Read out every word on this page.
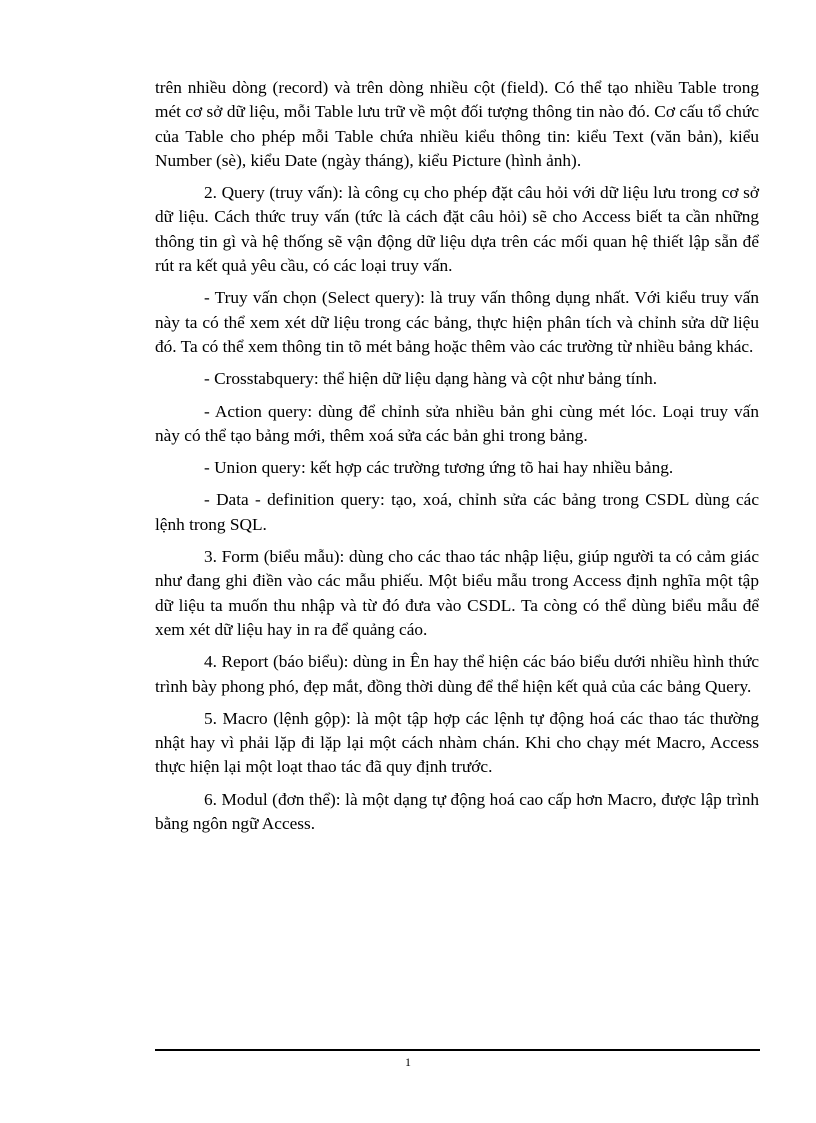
trên nhiều dòng (record) và trên dòng nhiều cột (field). Có thể tạo nhiều Table trong mét cơ sở dữ liệu, mỗi Table lưu trữ về một đối tượng thông tin nào đó. Cơ cấu tổ chức của Table cho phép mỗi Table chứa nhiều kiểu thông tin: kiểu Text (văn bản), kiểu Number (sè), kiểu Date (ngày tháng), kiểu Picture (hình ảnh).

2. Query (truy vấn): là công cụ cho phép đặt câu hỏi với dữ liệu lưu trong cơ sở dữ liệu. Cách thức truy vấn (tức là cách đặt câu hỏi) sẽ cho Access biết ta cần những thông tin gì và hệ thống sẽ vận động dữ liệu dựa trên các mối quan hệ thiết lập sẵn để rút ra kết quả yêu cầu, có các loại truy vấn.

- Truy vấn chọn (Select query): là truy vấn thông dụng nhất. Với kiểu truy vấn này ta có thể xem xét dữ liệu trong các bảng, thực hiện phân tích và chỉnh sửa dữ liệu đó. Ta có thể xem thông tin tõ mét bảng hoặc thêm vào các trường từ nhiều bảng khác.

- Crosstabquery: thể hiện dữ liệu dạng hàng và cột như bảng tính.

- Action query: dùng để chỉnh sửa nhiều bản ghi cùng mét lóc. Loại truy vấn này có thể tạo bảng mới, thêm xoá sửa các bản ghi trong bảng.

- Union query: kết hợp các trường tương ứng tõ hai hay nhiều bảng.

- Data - definition query: tạo, xoá, chỉnh sửa các bảng trong CSDL dùng các lệnh trong SQL.

3. Form (biểu mẫu): dùng cho các thao tác nhập liệu, giúp người ta có cảm giác như đang ghi điền vào các mẫu phiếu. Một biểu mẫu trong Access định nghĩa một tập dữ liệu ta muốn thu nhập và từ đó đưa vào CSDL. Ta còng có thể dùng biểu mẫu để xem xét dữ liệu hay in ra để quảng cáo.

4. Report (báo biểu): dùng in Ên hay thể hiện các báo biểu dưới nhiều hình thức trình bày phong phó, đẹp mắt, đồng thời dùng để thể hiện kết quả của các bảng Query.

5. Macro (lệnh gộp): là một tập hợp các lệnh tự động hoá các thao tác thường nhật hay vì phải lặp đi lặp lại một cách nhàm chán. Khi cho chạy mét Macro, Access thực hiện lại một loạt thao tác đã quy định trước.

6. Modul (đơn thể): là một dạng tự động hoá cao cấp hơn Macro, được lập trình bằng ngôn ngữ Access.

1
